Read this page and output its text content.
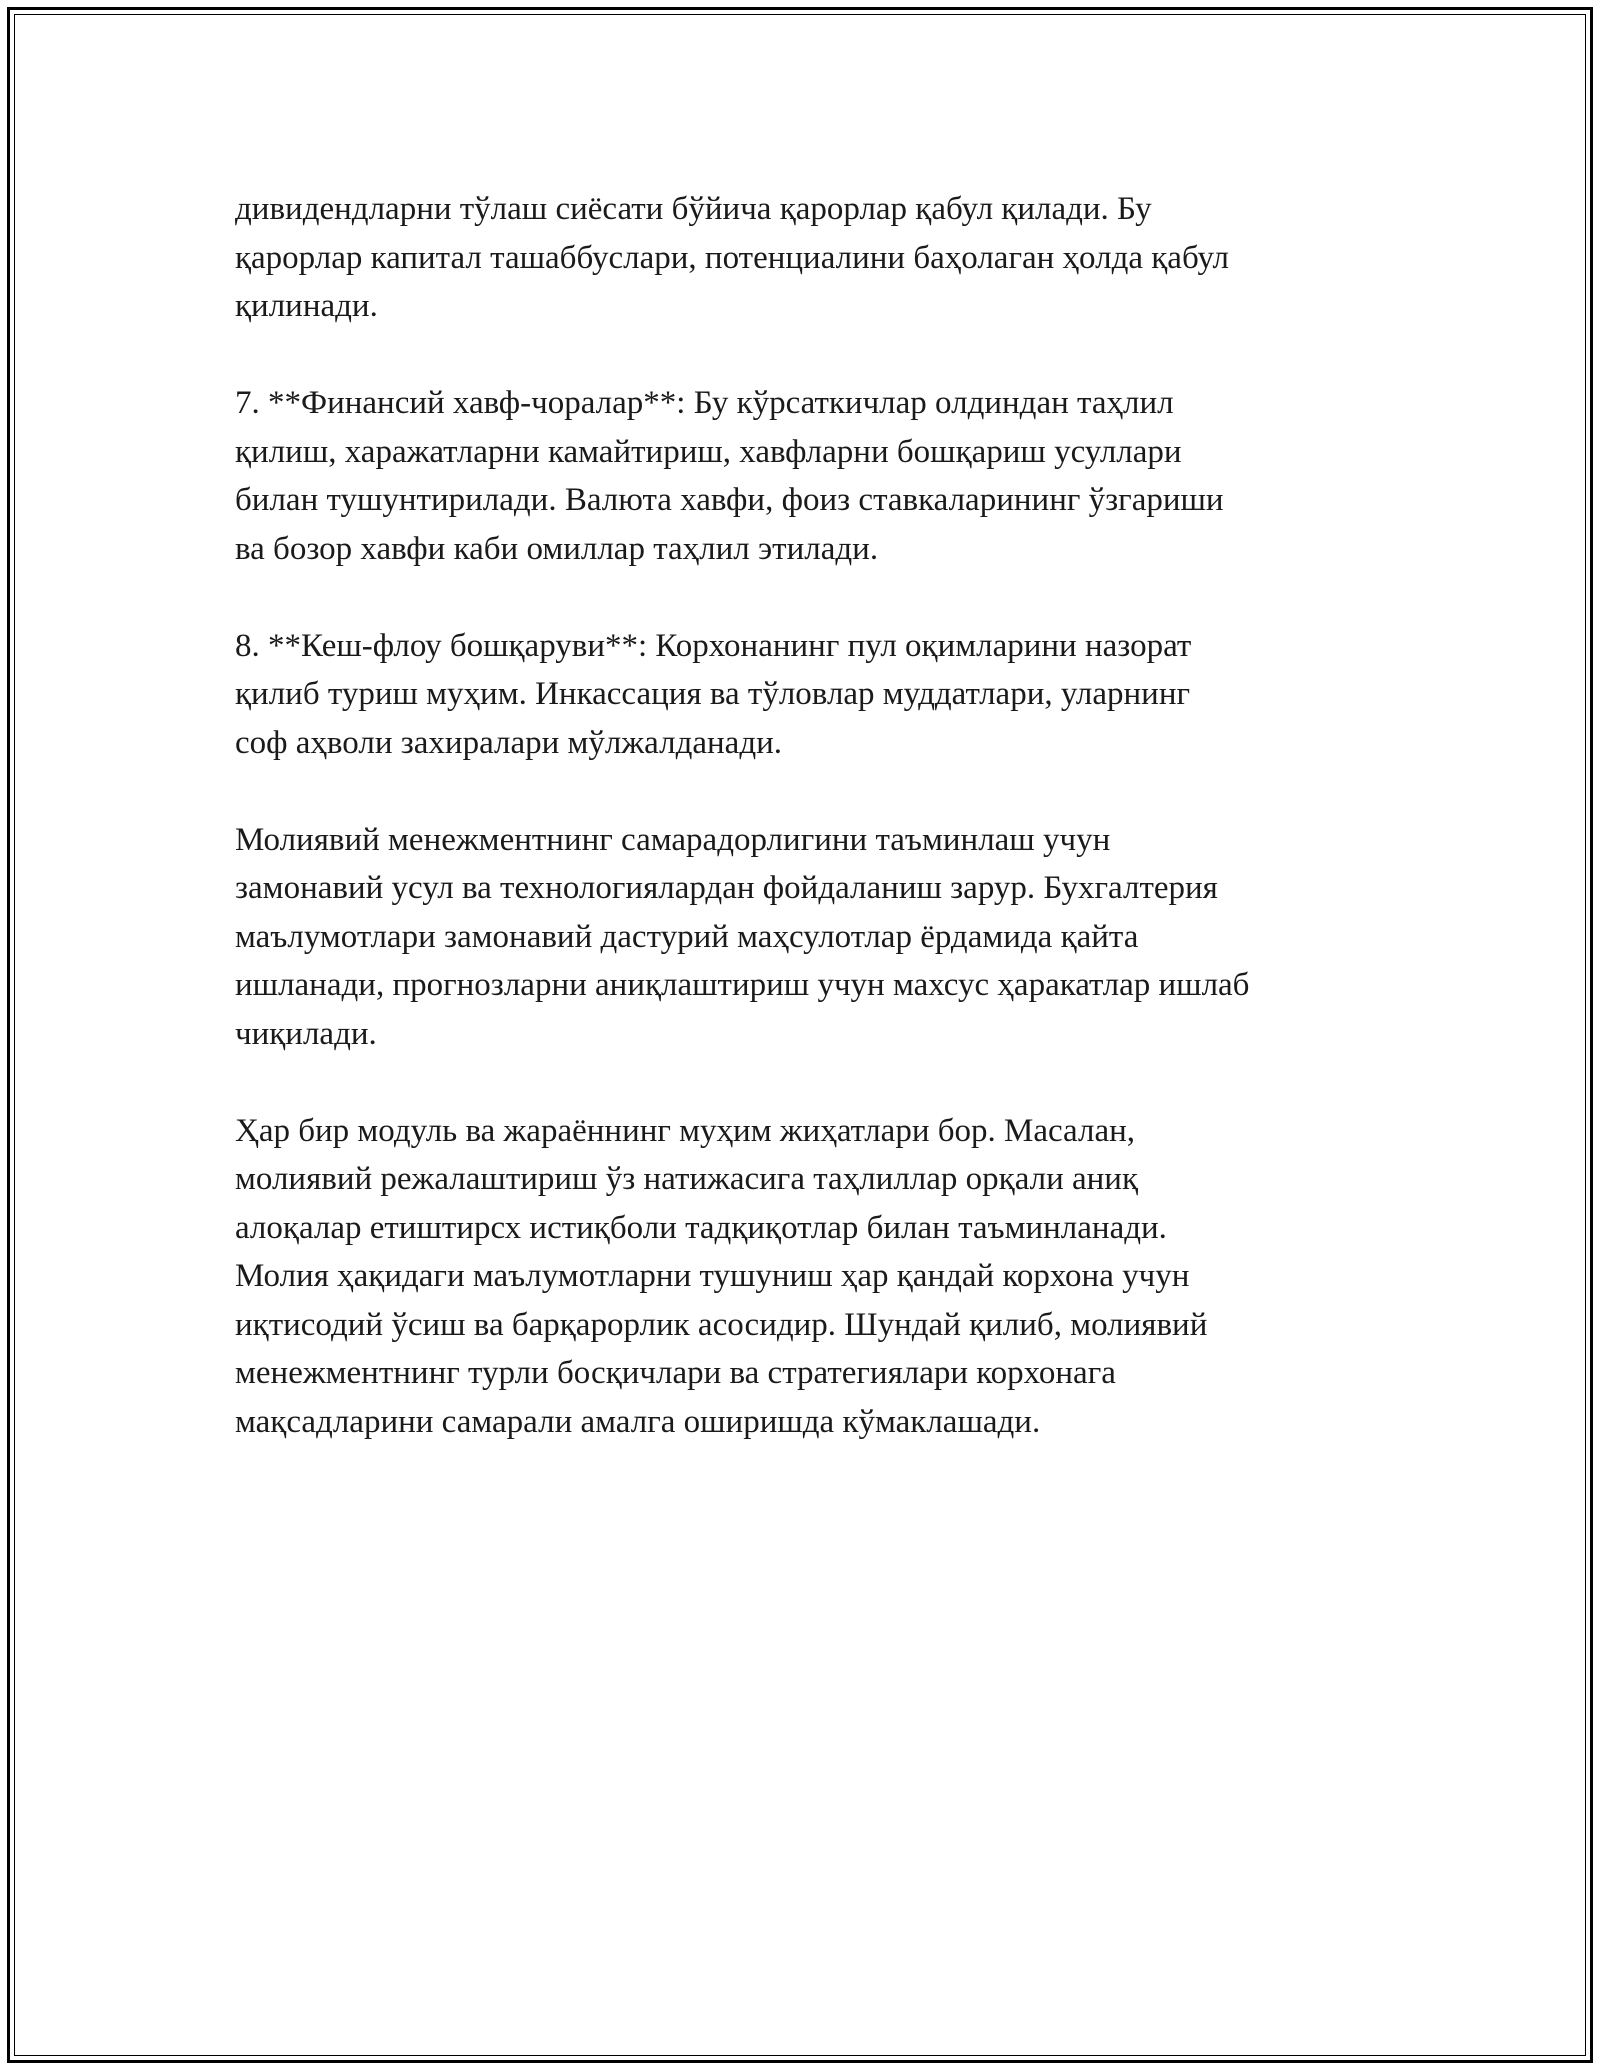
дивидендларни тўлаш сиёсати бўйича қарорлар қабул қилади. Бу
қарорлар капитал ташаббуслари, потенциалини баҳолаган ҳолда қабул
қилинади.

7. **Финансий хавф-чоралар**: Бу кўрсаткичлар олдиндан таҳлил
қилиш, харажатларни камайтириш, хавфларни бошқариш усуллари
билан тушунтирилади. Валюта хавфи, фоиз ставкаларининг ўзгариши
ва бозор хавфи каби омиллар таҳлил этилади.

8. **Кеш-флоу бошқаруви**: Корхонанинг пул оқимларини назорат
қилиб туриш муҳим. Инкассация ва тўловлар муддатлари, уларнинг
соф аҳволи захиралари мўлжалданади.

Молиявий менежментнинг самарадорлигини таъминлаш учун
замонавий усул ва технологиялардан фойдаланиш зарур. Бухгалтерия
маълумотлари замонавий дастурий маҳсулотлар ёрдамида қайта
ишланади, прогнозларни аниқлаштириш учун махсус ҳаракатлар ишлаб
чиқилади.

Ҳар бир модуль ва жараённинг муҳим жиҳатлари бор. Масалан,
молиявий режалаштириш ўз натижасига таҳлиллар орқали аниқ
алоқалар етиштирсх истиқболи тадқиқотлар билан таъминланади.
Молия ҳақидаги маълумотларни тушуниш ҳар қандай корхона учун
иқтисодий ўсиш ва барқарорлик асосидир. Шундай қилиб, молиявий
менежментнинг турли босқичлари ва стратегиялари корхонага
мақсадларини самарали амалга оширишда кўмаклашади.
